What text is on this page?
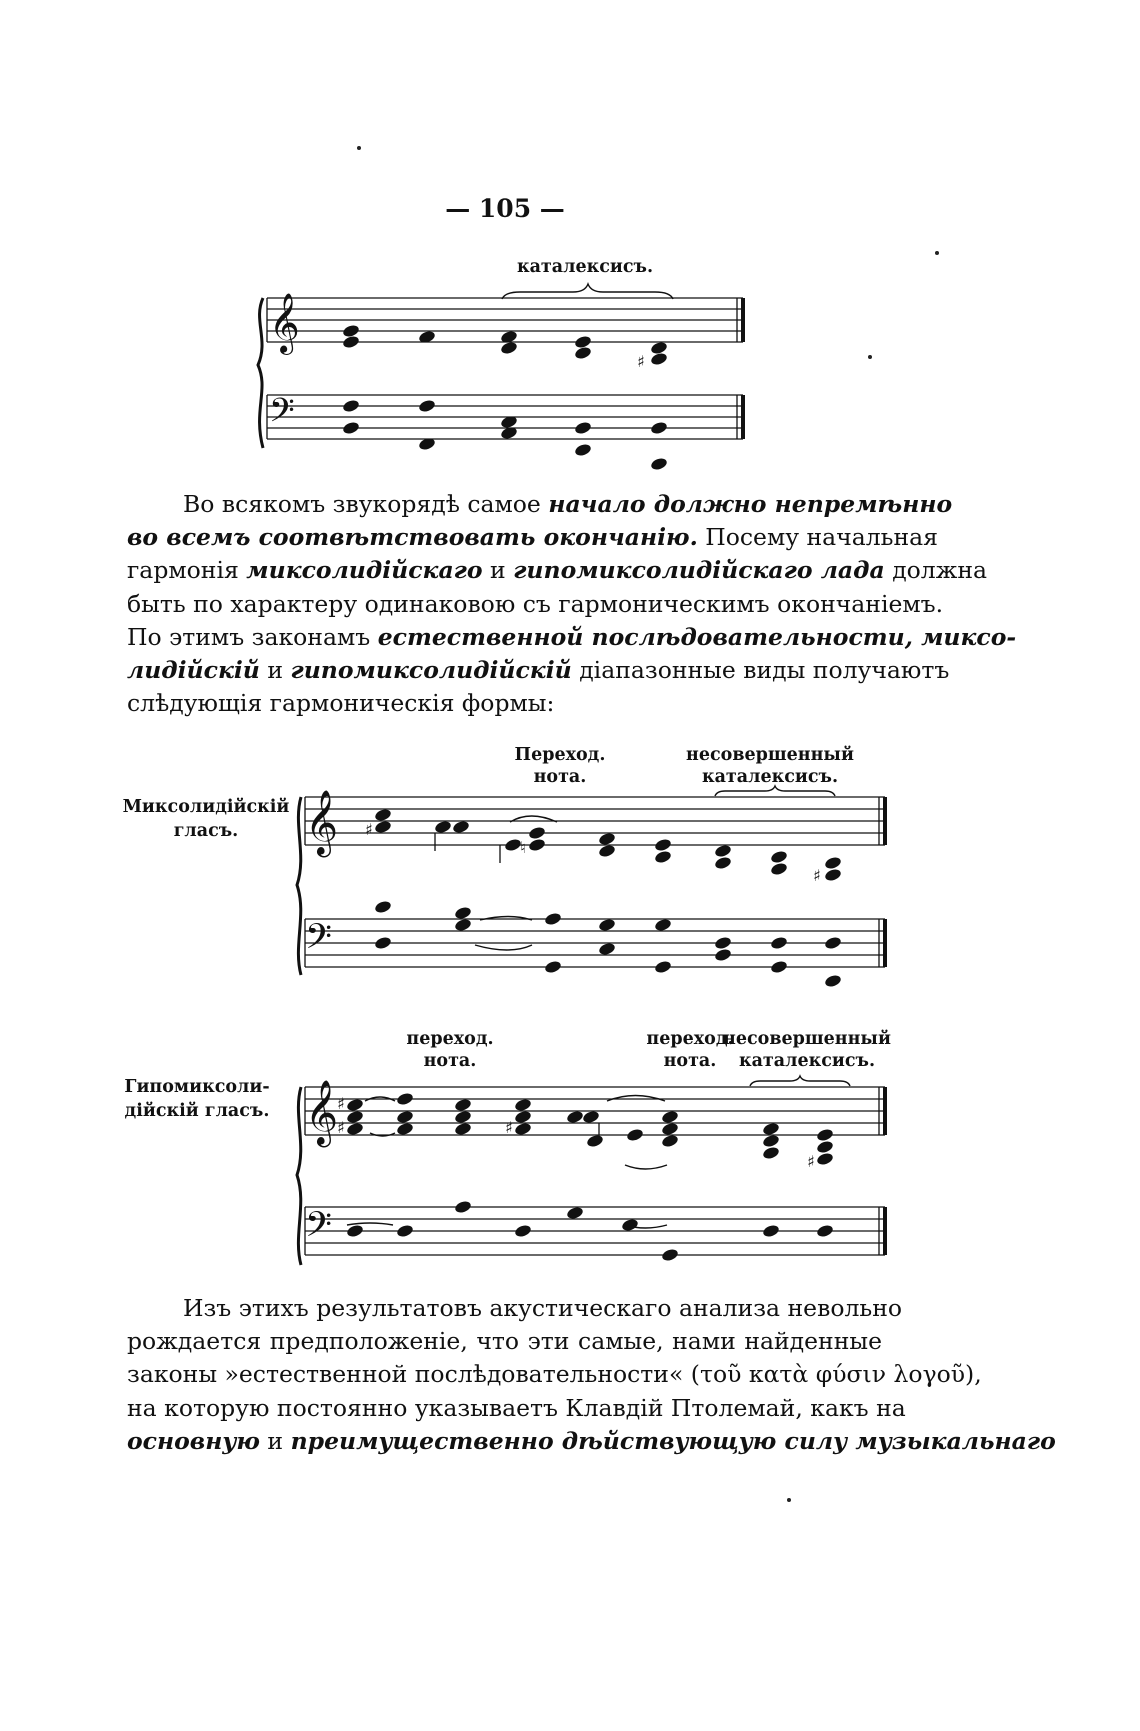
— 105 —
каталексисъ.
𝄞
𝄢
♯
Во всякомъ звукорядѣ самое начало должно непремѣнно
во всемъ соотвѣтствовать окончанію. Посему начальная
гармонія миксолидійскаго и гипомиксолидійскаго лада должна
быть по характеру одинаковою съ гармоническимъ окончаніемъ.
По этимъ законамъ естественной послѣдовательности, миксо-
лидійскій и гипомиксолидійскій діапазонные виды получаютъ
слѣдующія гармоническія формы:
Миксолидійскій гласъ.
Переход.
нота.
несовершенный
каталексисъ.
𝄞
𝄢
♯
♮
♯
Гипомиксоли-дійскій гласъ.
переход.
нота.
переход.
нота.
несовершенный
каталексисъ.
𝄞
𝄢
♯
♯	♯
♯
Изъ этихъ результатовъ акустическаго анализа невольно
рождается предположеніе, что эти самые, нами найденные
законы »естественной послѣдовательности« (τοῦ κατὰ φύσιν λογοῦ),
на которую постоянно указываетъ Клавдій Птолемай, какъ на
основную и преимущественно дѣйствующую силу музыкальнаго
